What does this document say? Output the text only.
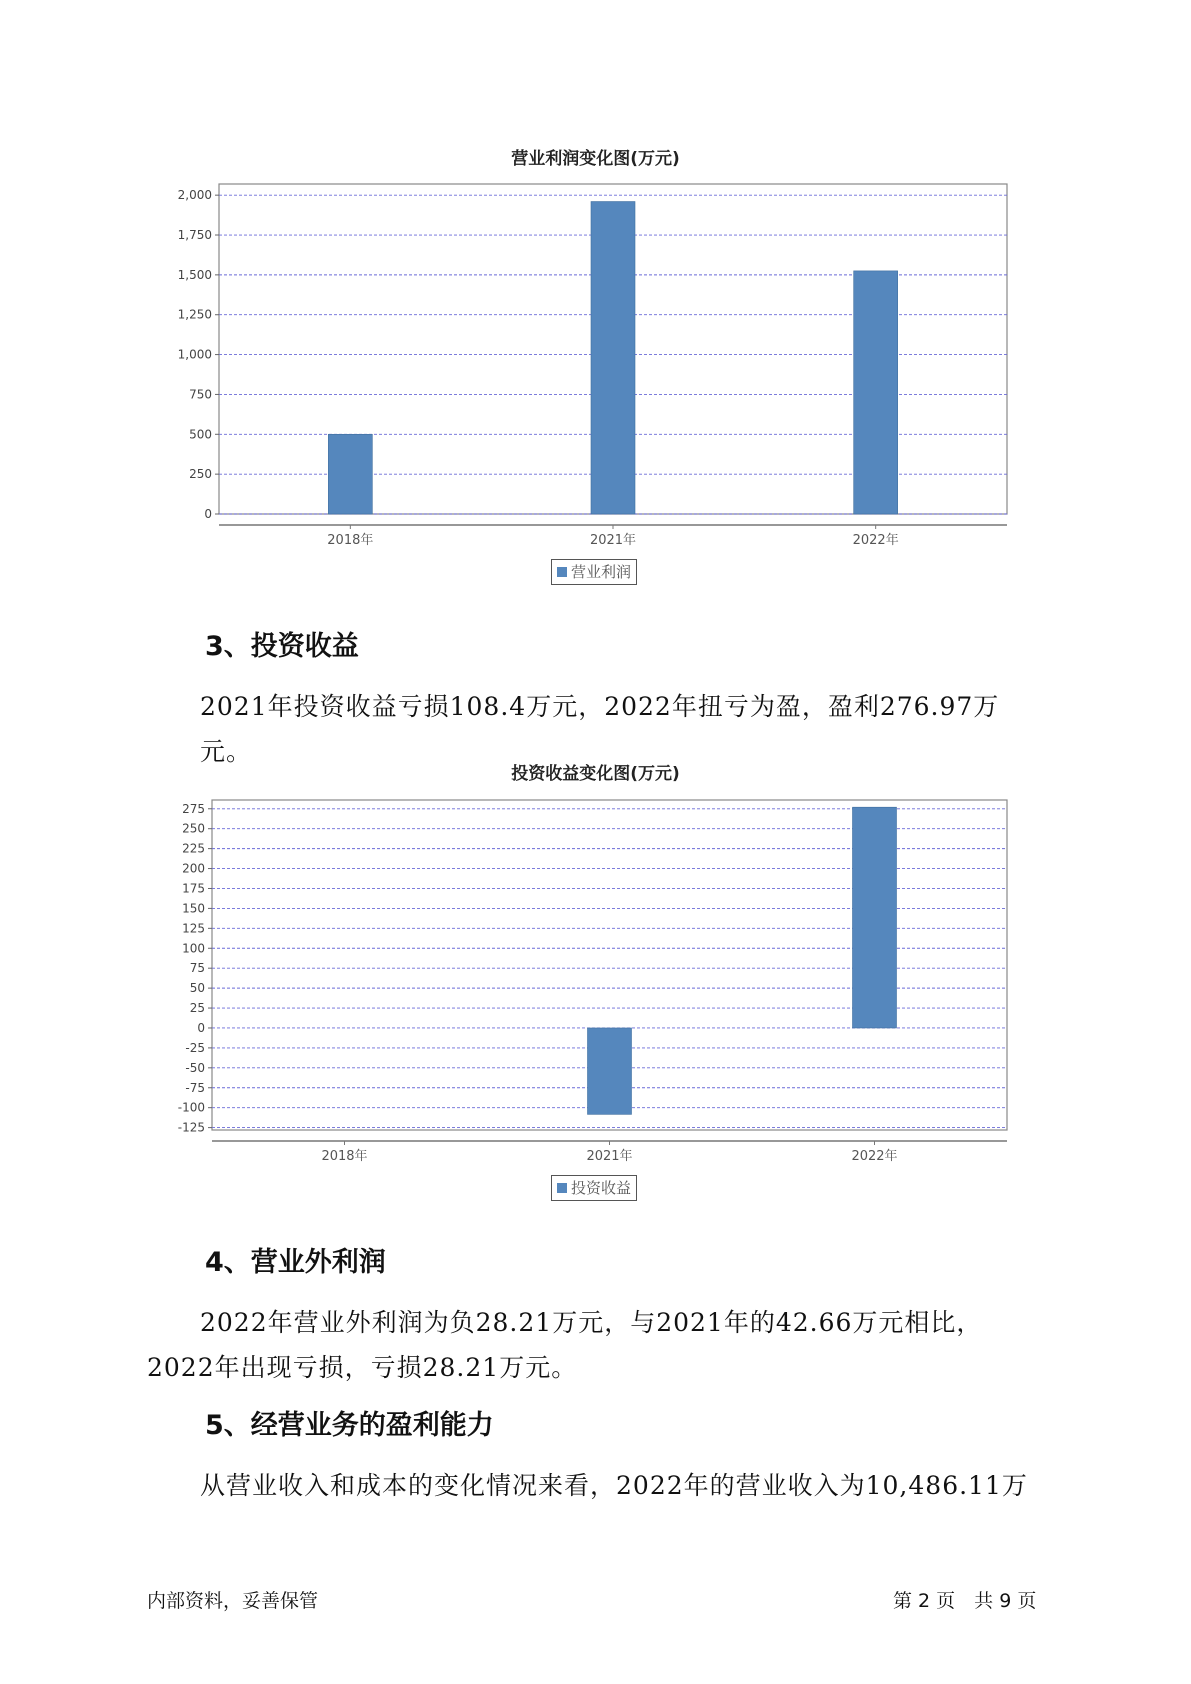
营业利润变化图(万元)
0
250
500
750
1,000
1,250
1,500
1,750
2,000
2018年	2021年	2022年
营业利润
3、投资收益
2021年投资收益亏损108.4万元，2022年扭亏为盈，盈利276.97万元。
投资收益变化图(万元)
-125
-100
-75
-50
-25
0
25
50
75
100
125
150
175
200
225
250
275
2018年	2021年	2022年
投资收益
4、营业外利润
2022年营业外利润为负28.21万元，与2021年的42.66万元相比，2022年出现亏损，亏损28.21万元。
5、经营业务的盈利能力
从营业收入和成本的变化情况来看，2022年的营业收入为10,486.11万
内部资料，妥善保管	第 2 页　共 9 页
